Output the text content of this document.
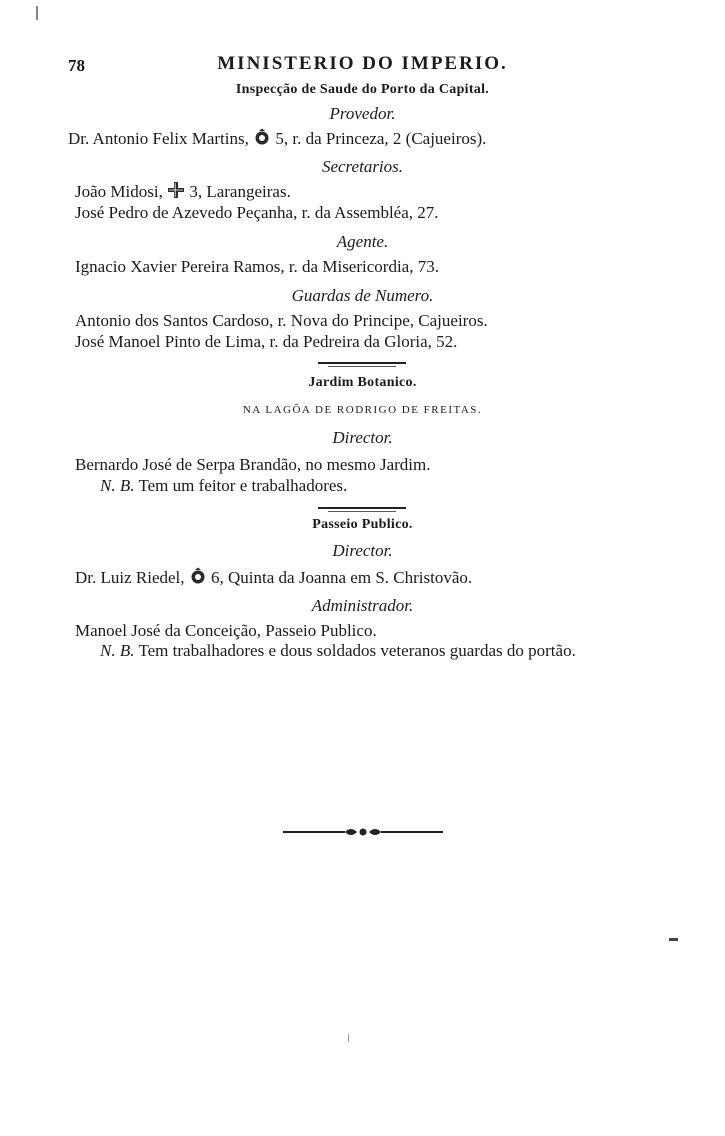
78	MINISTERIO DO IMPERIO.
Inspecção de Saude do Porto da Capital.
Provedor.
Dr. Antonio Felix Martins, 5, r. da Princeza, 2 (Cajueiros).
Secretarios.
João Midosi, 3, Larangeiras.
José Pedro de Azevedo Peçanha, r. da Assembléa, 27.
Agente.
Ignacio Xavier Pereira Ramos, r. da Misericordia, 73.
Guardas de Numero.
Antonio dos Santos Cardoso, r. Nova do Principe, Cajueiros.
José Manoel Pinto de Lima, r. da Pedreira da Gloria, 52.
Jardim Botanico.
NA LAGÔA DE RODRIGO DE FREITAS.
Director.
Bernardo José de Serpa Brandão, no mesmo Jardim.
N. B. Tem um feitor e trabalhadores.
Passeio Publico.
Director.
Dr. Luiz Riedel, 6, Quinta da Joanna em S. Christovão.
Administrador.
Manoel José da Conceição, Passeio Publico.
N. B. Tem trabalhadores e dous soldados veteranos guardas do portão.
